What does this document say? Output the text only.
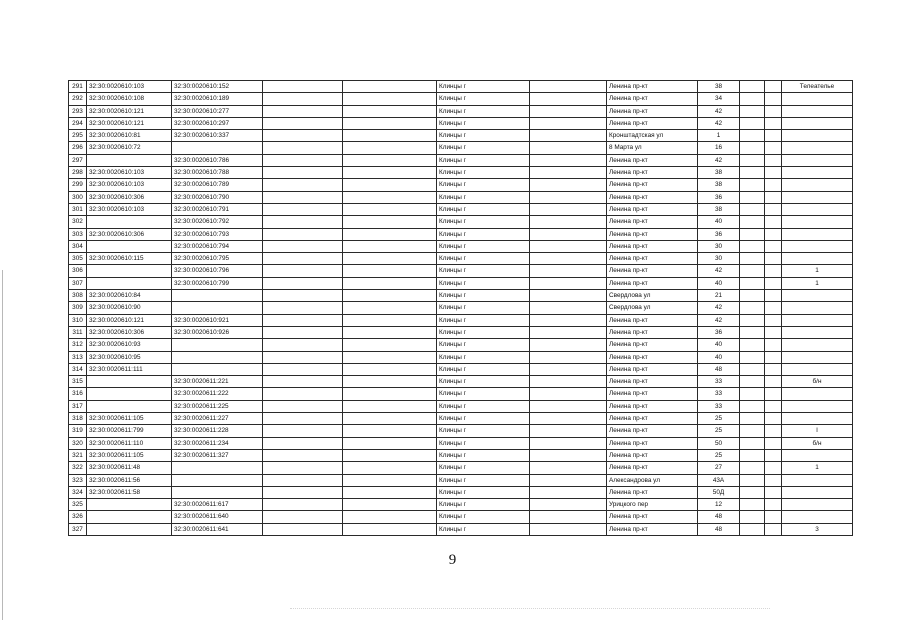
291	32:30:0020610:103	32:30:0020610:152			Клинцы г		Ленина пр-кт	38			Телеателье
292	32:30:0020610:108	32:30:0020610:189			Клинцы г		Ленина пр-кт	34			
293	32:30:0020610:121	32:30:0020610:277			Клинцы г		Ленина пр-кт	42			
294	32:30:0020610:121	32:30:0020610:297			Клинцы г		Ленина пр-кт	42			
295	32:30:0020610:81	32:30:0020610:337			Клинцы г		Кронштадтская ул	1			
296	32:30:0020610:72				Клинцы г		8 Марта ул	16			
297		32:30:0020610:786			Клинцы г		Ленина пр-кт	42			
298	32:30:0020610:103	32:30:0020610:788			Клинцы г		Ленина пр-кт	38			
299	32:30:0020610:103	32:30:0020610:789			Клинцы г		Ленина пр-кт	38			
300	32:30:0020610:306	32:30:0020610:790			Клинцы г		Ленина пр-кт	36			
301	32:30:0020610:103	32:30:0020610:791			Клинцы г		Ленина пр-кт	38			
302		32:30:0020610:792			Клинцы г		Ленина пр-кт	40			
303	32:30:0020610:306	32:30:0020610:793			Клинцы г		Ленина пр-кт	36			
304		32:30:0020610:794			Клинцы г		Ленина пр-кт	30			
305	32:30:0020610:115	32:30:0020610:795			Клинцы г		Ленина пр-кт	30			
306		32:30:0020610:796			Клинцы г		Ленина пр-кт	42			1
307		32:30:0020610:799			Клинцы г		Ленина пр-кт	40			1
308	32:30:0020610:84				Клинцы г		Свердлова ул	21			
309	32:30:0020610:90				Клинцы г		Свердлова ул	42			
310	32:30:0020610:121	32:30:0020610:921			Клинцы г		Ленина пр-кт	42			
311	32:30:0020610:306	32:30:0020610:926			Клинцы г		Ленина пр-кт	36			
312	32:30:0020610:93				Клинцы г		Ленина пр-кт	40			
313	32:30:0020610:95				Клинцы г		Ленина пр-кт	40			
314	32:30:0020611:111				Клинцы г		Ленина пр-кт	48			
315		32:30:0020611:221			Клинцы г		Ленина пр-кт	33			б/н
316		32:30:0020611:222			Клинцы г		Ленина пр-кт	33			
317		32:30:0020611:225			Клинцы г		Ленина пр-кт	33			
318	32:30:0020611:105	32:30:0020611:227			Клинцы г		Ленина пр-кт	25			
319	32:30:0020611:799	32:30:0020611:228			Клинцы г		Ленина пр-кт	25			I
320	32:30:0020611:110	32:30:0020611:234			Клинцы г		Ленина пр-кт	50			б/н
321	32:30:0020611:105	32:30:0020611:327			Клинцы г		Ленина пр-кт	25			
322	32:30:0020611:48				Клинцы г		Ленина пр-кт	27			1
323	32:30:0020611:56				Клинцы г		Александрова ул	43А			
324	32:30:0020611:58				Клинцы г		Ленина пр-кт	50Д			
325		32:30:0020611:617			Клинцы г		Урицкого пер	12			
326		32:30:0020611:640			Клинцы г		Ленина пр-кт	48			
327		32:30:0020611:641			Клинцы г		Ленина пр-кт	48			3
9
